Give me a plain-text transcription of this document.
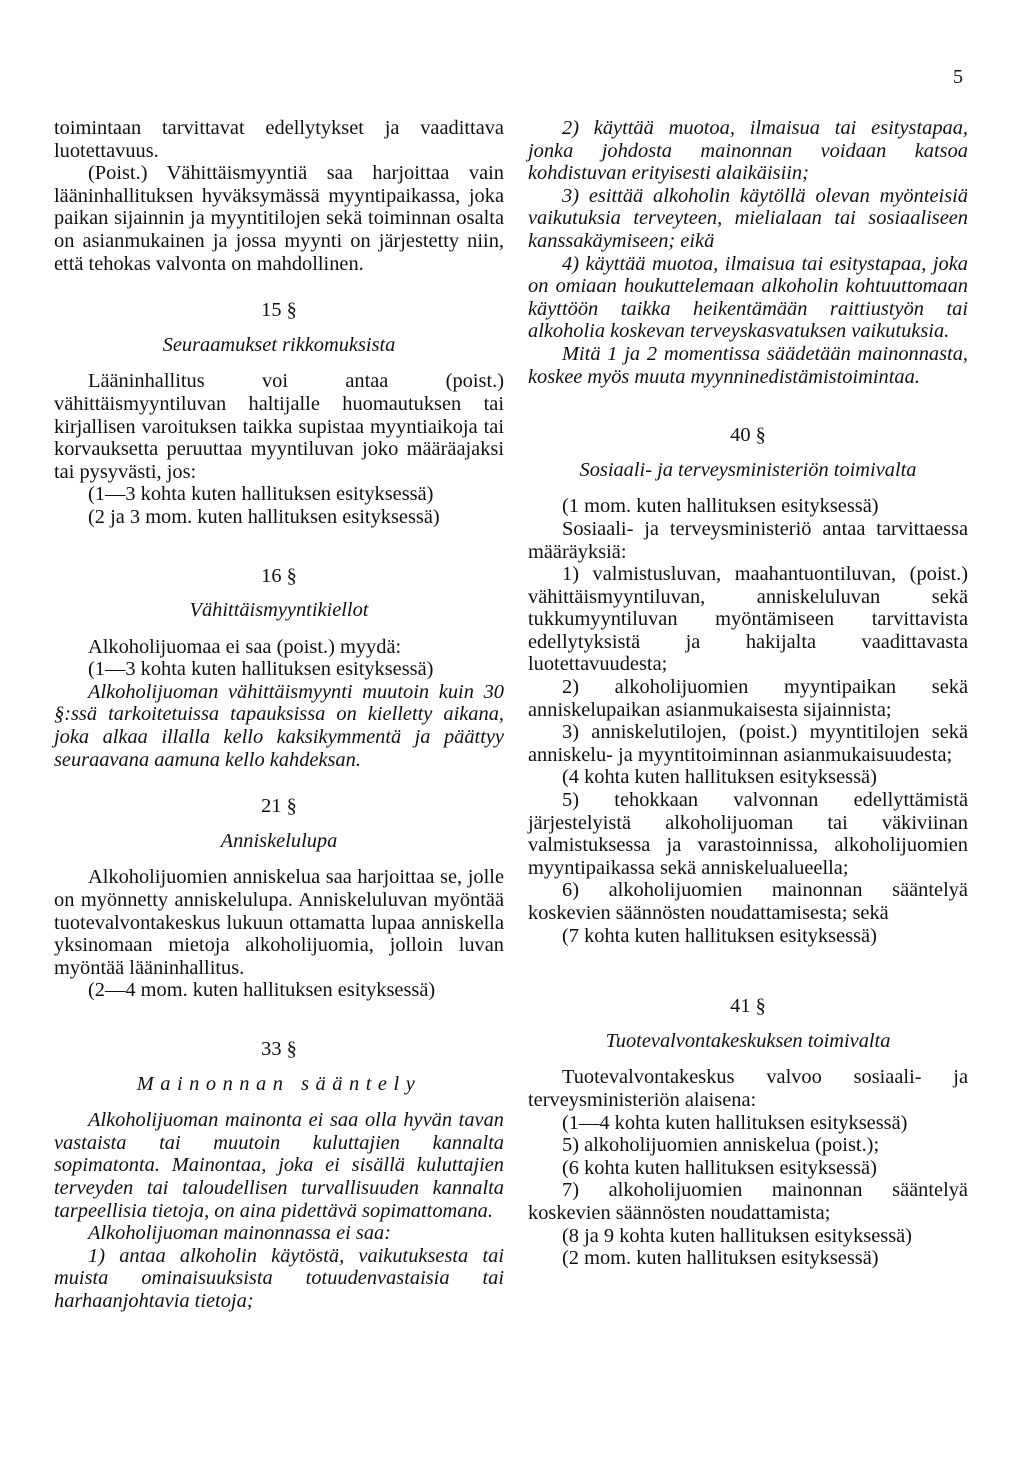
5

toimintaan tarvittavat edellytykset ja vaadittava luotettavuus.

(Poist.) Vähittäismyyntiä saa harjoittaa vain lääninhallituksen hyväksymässä myyntipaikassa, joka paikan sijainnin ja myyntitilojen sekä toiminnan osalta on asianmukainen ja jossa myynti on järjestetty niin, että tehokas valvonta on mahdollinen.

15 §

Seuraamukset rikkomuksista

Lääninhallitus voi antaa (poist.) vähittäismyyntiluvan haltijalle huomautuksen tai kirjallisen varoituksen taikka supistaa myyntiaikoja tai korvauksetta peruuttaa myyntiluvan joko määräajaksi tai pysyvästi, jos:

(1—3 kohta kuten hallituksen esityksessä)

(2 ja 3 mom. kuten hallituksen esityksessä)

16 §

Vähittäismyyntikiellot

Alkoholijuomaa ei saa (poist.) myydä:

(1—3 kohta kuten hallituksen esityksessä)

Alkoholijuoman vähittäismyynti muutoin kuin 30 §:ssä tarkoitetuissa tapauksissa on kielletty aikana, joka alkaa illalla kello kaksikymmentä ja päättyy seuraavana aamuna kello kahdeksan.

21 §

Anniskelulupa

Alkoholijuomien anniskelua saa harjoittaa se, jolle on myönnetty anniskelulupa. Anniskeluluvan myöntää tuotevalvontakeskus lukuun ottamatta lupaa anniskella yksinomaan mietoja alkoholijuomia, jolloin luvan myöntää lääninhallitus.

(2—4 mom. kuten hallituksen esityksessä)

33 §

Mainonnan sääntely

Alkoholijuoman mainonta ei saa olla hyvän tavan vastaista tai muutoin kuluttajien kannalta sopimatonta. Mainontaa, joka ei sisällä kuluttajien terveyden tai taloudellisen turvallisuuden kannalta tarpeellisia tietoja, on aina pidettävä sopimattomana.

Alkoholijuoman mainonnassa ei saa:

1) antaa alkoholin käytöstä, vaikutuksesta tai muista ominaisuuksista totuudenvastaisia tai harhaanjohtavia tietoja;

2) käyttää muotoa, ilmaisua tai esitystapaa, jonka johdosta mainonnan voidaan katsoa kohdistuvan erityisesti alaikäisiin;

3) esittää alkoholin käytöllä olevan myönteisiä vaikutuksia terveyteen, mielialaan tai sosiaaliseen kanssakäymiseen; eikä

4) käyttää muotoa, ilmaisua tai esitystapaa, joka on omiaan houkuttelemaan alkoholin kohtuuttomaan käyttöön taikka heikentämään raittiustyön tai alkoholia koskevan terveyskasvatuksen vaikutuksia.

Mitä 1 ja 2 momentissa säädetään mainonnasta, koskee myös muuta myynninedistämistoimintaa.

40 §

Sosiaali- ja terveysministeriön toimivalta

(1 mom. kuten hallituksen esityksessä)

Sosiaali- ja terveysministeriö antaa tarvittaessa määräyksiä:

1) valmistusluvan, maahantuontiluvan, (poist.) vähittäismyyntiluvan, anniskeluluvan sekä tukkumyyntiluvan myöntämiseen tarvittavista edellytyksistä ja hakijalta vaadittavasta luotettavuudesta;

2) alkoholijuomien myyntipaikan sekä anniskelupaikan asianmukaisesta sijainnista;

3) anniskelutilojen, (poist.) myyntitilojen sekä anniskelu- ja myyntitoiminnan asianmukaisuudesta;

(4 kohta kuten hallituksen esityksessä)

5) tehokkaan valvonnan edellyttämistä järjestelyistä alkoholijuoman tai väkiviinan valmistuksessa ja varastoinnissa, alkoholijuomien myyntipaikassa sekä anniskelualueella;

6) alkoholijuomien mainonnan sääntelyä koskevien säännösten noudattamisesta; sekä

(7 kohta kuten hallituksen esityksessä)

41 §

Tuotevalvontakeskuksen toimivalta

Tuotevalvontakeskus valvoo sosiaali- ja terveysministeriön alaisena:

(1—4 kohta kuten hallituksen esityksessä)

5) alkoholijuomien anniskelua (poist.);

(6 kohta kuten hallituksen esityksessä)

7) alkoholijuomien mainonnan sääntelyä koskevien säännösten noudattamista;

(8 ja 9 kohta kuten hallituksen esityksessä)

(2 mom. kuten hallituksen esityksessä)
